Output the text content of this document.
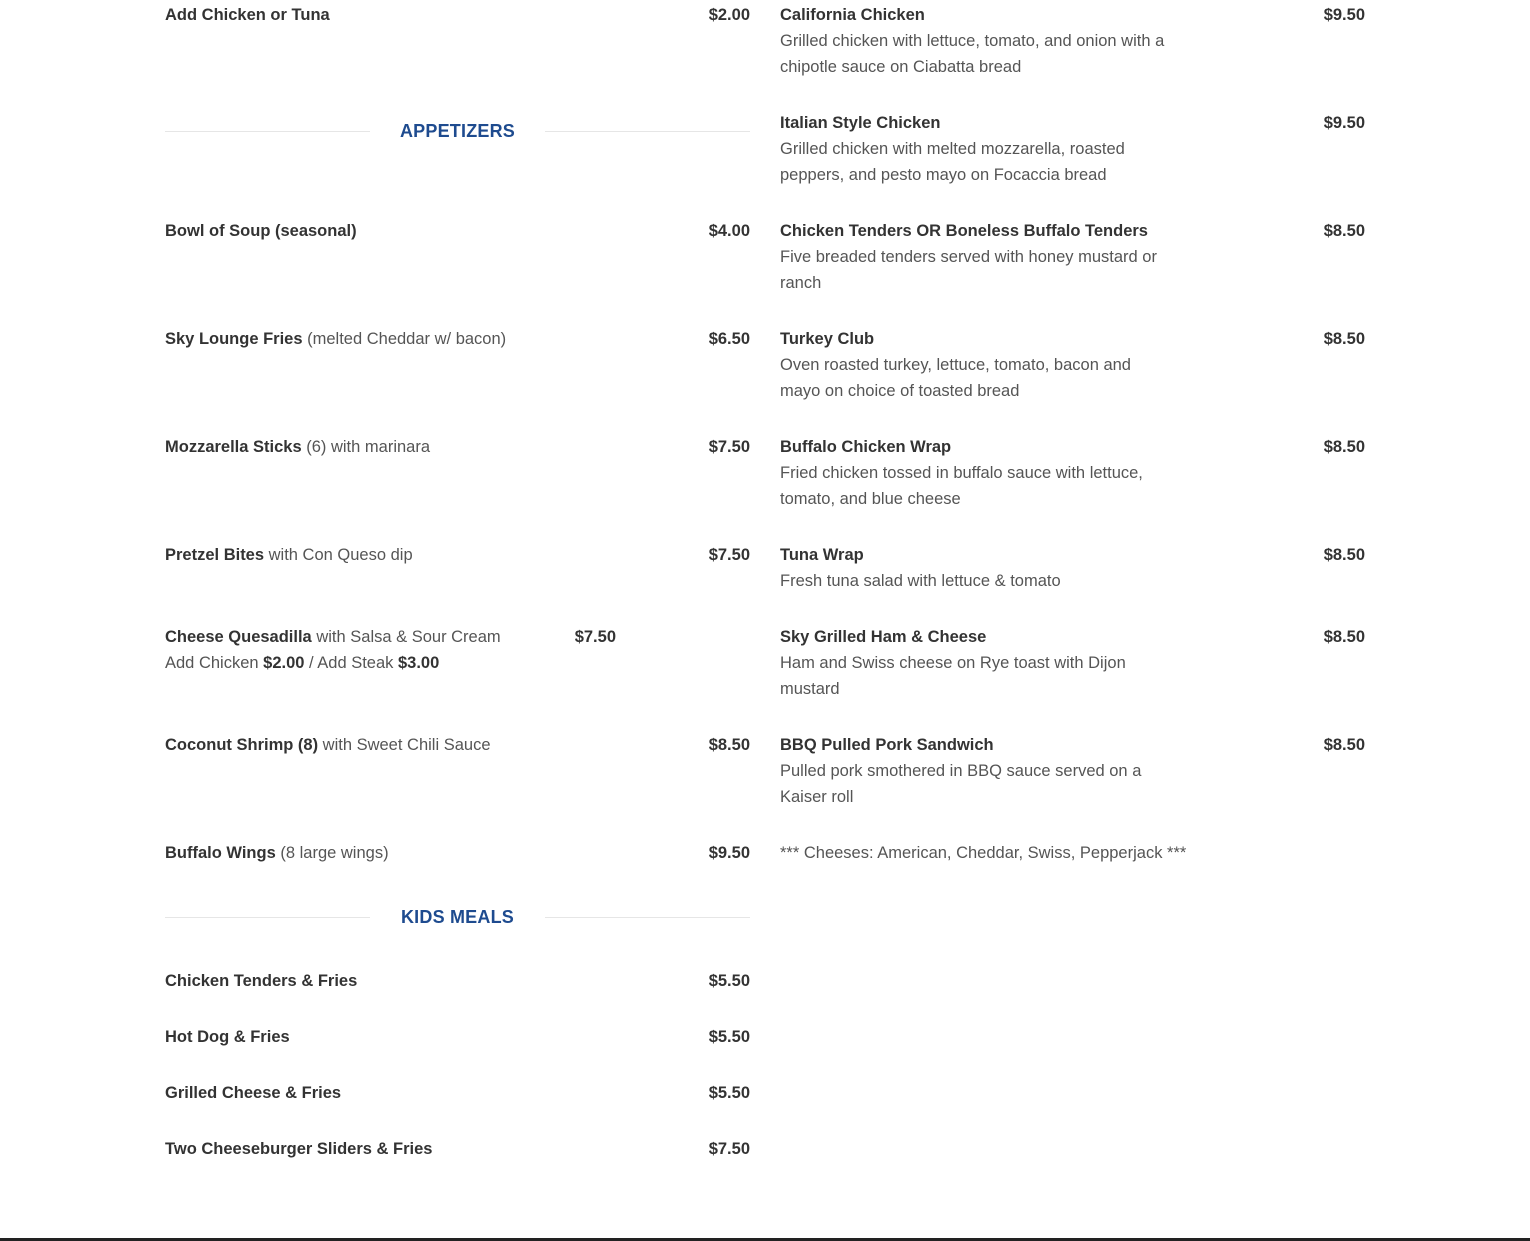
Add Chicken or Tuna	$2.00
APPETIZERS
Bowl of Soup (seasonal)	$4.00
Sky Lounge Fries (melted Cheddar w/ bacon)	$6.50
Mozzarella Sticks (6) with marinara	$7.50
Pretzel Bites with Con Queso dip	$7.50
Cheese Quesadilla with Salsa & Sour Cream	$7.50
Add Chicken $2.00 / Add Steak $3.00
Coconut Shrimp (8) with Sweet Chili Sauce	$8.50
Buffalo Wings (8 large wings)	$9.50
KIDS MEALS
Chicken Tenders & Fries	$5.50
Hot Dog & Fries	$5.50
Grilled Cheese & Fries	$5.50
Two Cheeseburger Sliders & Fries	$7.50
California Chicken	$9.50
Grilled chicken with lettuce, tomato, and onion with a chipotle sauce on Ciabatta bread
Italian Style Chicken	$9.50
Grilled chicken with melted mozzarella, roasted peppers, and pesto mayo on Focaccia bread
Chicken Tenders OR Boneless Buffalo Tenders	$8.50
Five breaded tenders served with honey mustard or ranch
Turkey Club	$8.50
Oven roasted turkey, lettuce, tomato, bacon and mayo on choice of toasted bread
Buffalo Chicken Wrap	$8.50
Fried chicken tossed in buffalo sauce with lettuce, tomato, and blue cheese
Tuna Wrap	$8.50
Fresh tuna salad with lettuce & tomato
Sky Grilled Ham & Cheese	$8.50
Ham and Swiss cheese on Rye toast with Dijon mustard
BBQ Pulled Pork Sandwich	$8.50
Pulled pork smothered in BBQ sauce served on a Kaiser roll
*** Cheeses: American, Cheddar, Swiss, Pepperjack ***
